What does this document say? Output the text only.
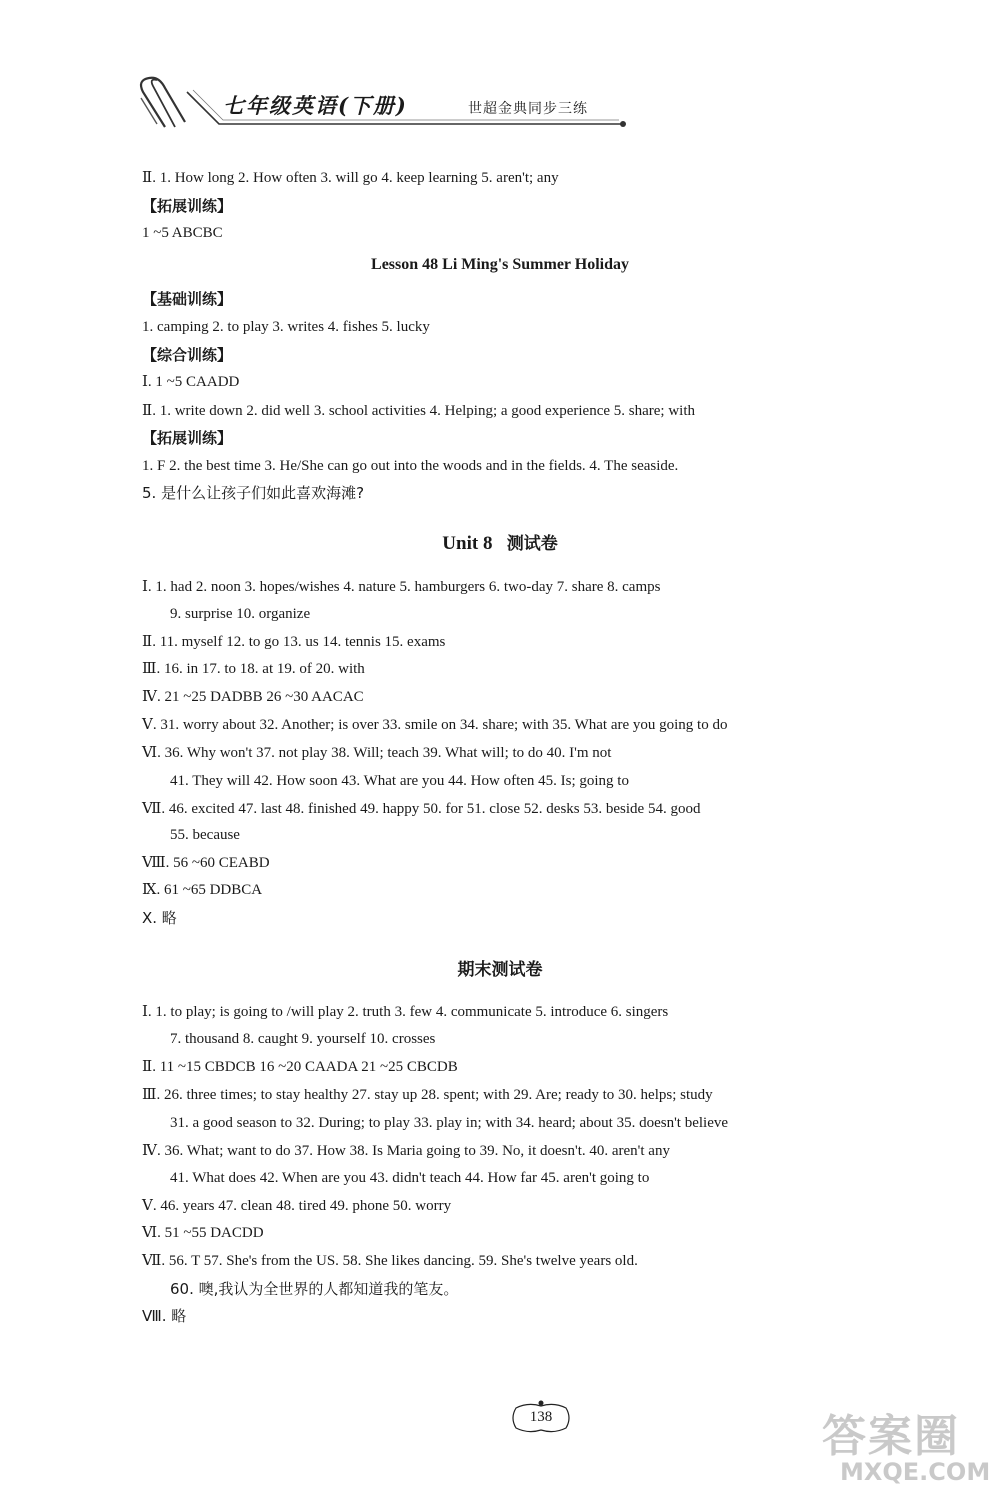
七年级英语(下册)	世超金典同步三练
Ⅱ. 1. How long 2. How often 3. will go 4. keep learning 5. aren't; any
【拓展训练】
1 ~5 ABCBC
Lesson 48 Li Ming's Summer Holiday
【基础训练】
1. camping 2. to play 3. writes 4. fishes 5. lucky
【综合训练】
Ⅰ. 1 ~5 CAADD
Ⅱ. 1. write down 2. did well 3. school activities 4. Helping; a good experience 5. share; with
【拓展训练】
1. F 2. the best time 3. He/She can go out into the woods and in the fields. 4. The seaside.
5. 是什么让孩子们如此喜欢海滩?
Unit 8 测试卷
Ⅰ. 1. had 2. noon 3. hopes/wishes 4. nature 5. hamburgers 6. two-day 7. share 8. camps
9. surprise 10. organize
Ⅱ. 11. myself 12. to go 13. us 14. tennis 15. exams
Ⅲ. 16. in 17. to 18. at 19. of 20. with
Ⅳ. 21 ~25 DADBB 26 ~30 AACAC
Ⅴ. 31. worry about 32. Another; is over 33. smile on 34. share; with 35. What are you going to do
Ⅵ. 36. Why won't 37. not play 38. Will; teach 39. What will; to do 40. I'm not
41. They will 42. How soon 43. What are you 44. How often 45. Is; going to
Ⅶ. 46. excited 47. last 48. finished 49. happy 50. for 51. close 52. desks 53. beside 54. good
55. because
Ⅷ. 56 ~60 CEABD
Ⅸ. 61 ~65 DDBCA
Ⅹ. 略
期末测试卷
Ⅰ. 1. to play; is going to /will play 2. truth 3. few 4. communicate 5. introduce 6. singers
7. thousand 8. caught 9. yourself 10. crosses
Ⅱ. 11 ~15 CBDCB 16 ~20 CAADA 21 ~25 CBCDB
Ⅲ. 26. three times; to stay healthy 27. stay up 28. spent; with 29. Are; ready to 30. helps; study
31. a good season to 32. During; to play 33. play in; with 34. heard; about 35. doesn't believe
Ⅳ. 36. What; want to do 37. How 38. Is Maria going to 39. No, it doesn't. 40. aren't any
41. What does 42. When are you 43. didn't teach 44. How far 45. aren't going to
Ⅴ. 46. years 47. clean 48. tired 49. phone 50. worry
Ⅵ. 51 ~55 DACDD
Ⅶ. 56. T 57. She's from the US. 58. She likes dancing. 59. She's twelve years old.
60. 噢,我认为全世界的人都知道我的笔友。
Ⅷ. 略
138	答案圈
MXQE.COM
